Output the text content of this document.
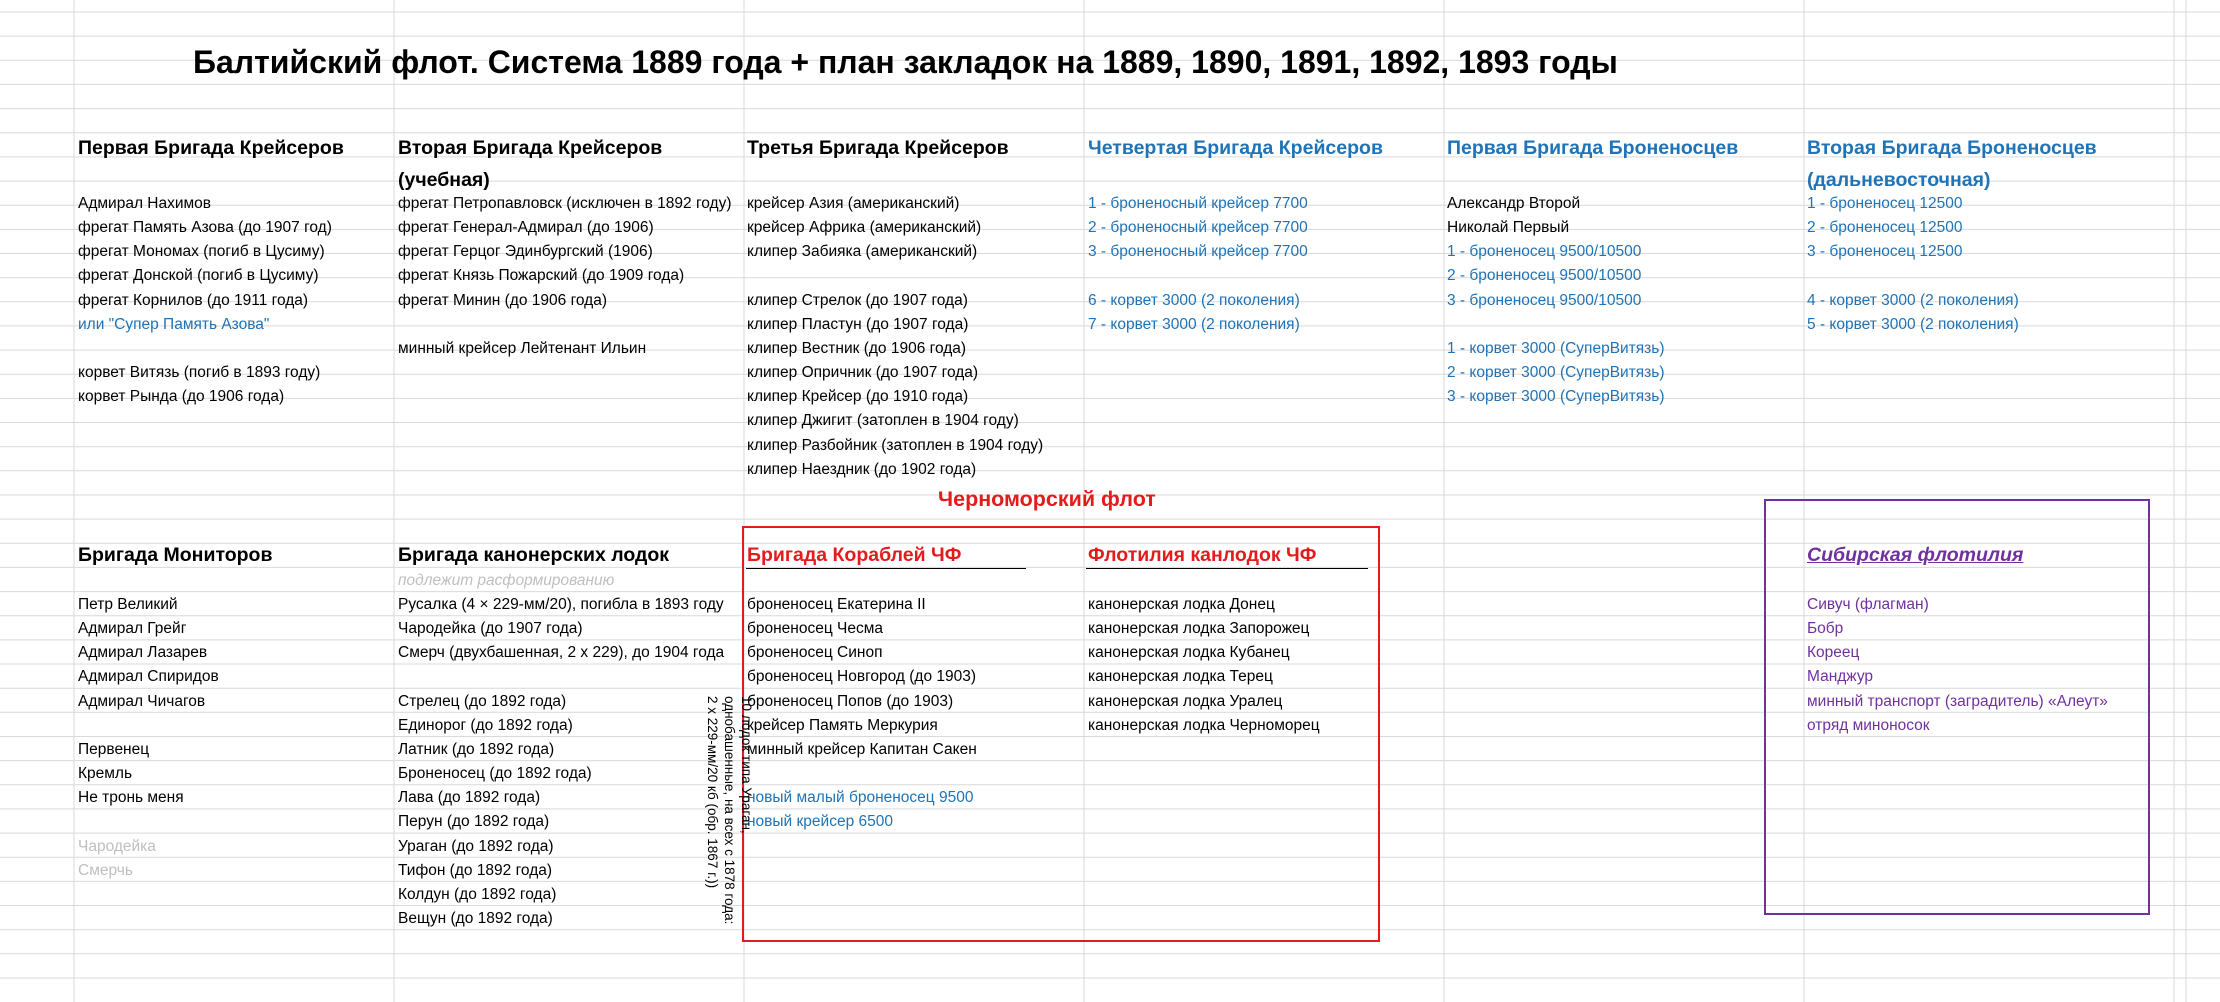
Балтийский флот. Система 1889 года + план закладок на 1889, 1890, 1891, 1892, 1893 годы
Черноморский флот
Первая Бригада Крейсеров	Вторая Бригада Крейсеров
(учебная)
Третья Бригада Крейсеров	Четвертая Бригада Крейсеров	Первая Бригада Броненосцев	Вторая Бригада Броненосцев
(дальневосточная)
Адмирал Нахимов
фрегат Память Азова (до 1907 год)
фрегат Мономах (погиб в Цусиму)
фрегат Донской (погиб в Цусиму)
фрегат Корнилов (до 1911 года)
или "Супер Память Азова"
корвет Витязь (погиб в 1893 году)
корвет Рында (до 1906 года)
фрегат Петропавловск (исключен в 1892 году)
фрегат Генерал-Адмирал (до 1906)
фрегат Герцог Эдинбургский (1906)
фрегат Князь Пожарский (до 1909 года)
фрегат Минин (до 1906 года)
минный крейсер Лейтенант Ильин
крейсер Азия (американский)
крейсер Африка (американский)
клипер Забияка (американский)
клипер Стрелок (до 1907 года)
клипер Пластун (до 1907 года)
клипер Вестник (до 1906 года)
клипер Опричник (до 1907 года)
клипер Крейсер (до 1910 года)
клипер Джигит (затоплен в 1904 году)
клипер Разбойник (затоплен в 1904 году)
клипер Наездник (до 1902 года)
1 - броненосный крейсер 7700
2 - броненосный крейсер 7700
3 - броненосный крейсер 7700
6 - корвет 3000 (2 поколения)
7 - корвет 3000 (2 поколения)
Александр Второй
Николай Первый
1 - броненосец 9500/10500
2 - броненосец 9500/10500
3 - броненосец 9500/10500
1 - корвет 3000 (СуперВитязь)
2 - корвет 3000 (СуперВитязь)
3 - корвет 3000 (СуперВитязь)
1 - броненосец 12500
2 - броненосец 12500
3 - броненосец 12500
4 - корвет 3000 (2 поколения)
5 - корвет 3000 (2 поколения)
Бригада Мониторов	Бригада канонерских лодок
подлежит расформированию
Петр Великий
Адмирал Грейг
Адмирал Лазарев
Адмирал Спиридов
Адмирал Чичагов
Первенец
Кремль
Не тронь меня
Чародейка
Смерчь
Русалка (4 × 229-мм/20), погибла в 1893 году
Чародейка (до 1907 года)
Смерч (двухбашенная, 2 х 229), до 1904 года
Стрелец (до 1892 года)
Единорог (до 1892 года)
Латник (до 1892 года)
Броненосец (до 1892 года)
Лава (до 1892 года)
Перун (до 1892 года)
Ураган (до 1892 года)
Тифон (до 1892 года)
Колдун (до 1892 года)
Вещун (до 1892 года)
Бригада Кораблей ЧФ	Флотилия канлодок ЧФ
броненосец Екатерина II
броненосец Чесма
броненосец Синоп
броненосец Новгород (до 1903)
броненосец Попов (до 1903)
крейсер Память Меркурия
минный крейсер Капитан Сакен
новый малый броненосец 9500
новый крейсер 6500
канонерская лодка Донец
канонерская лодка Запорожец
канонерская лодка Кубанец
канонерская лодка Терец
канонерская лодка Уралец
канонерская лодка Черноморец
Сибирская флотилия
Сивуч (флагман)
Бобр
Кореец
Манджур
минный транспорт (заградитель) «Алеут»
отряд миноносок
10 лодок типа Ураган, однобашенные, на всех с 1878 года: 2 х 229-мм/20 кб (обр. 1867 г.))
